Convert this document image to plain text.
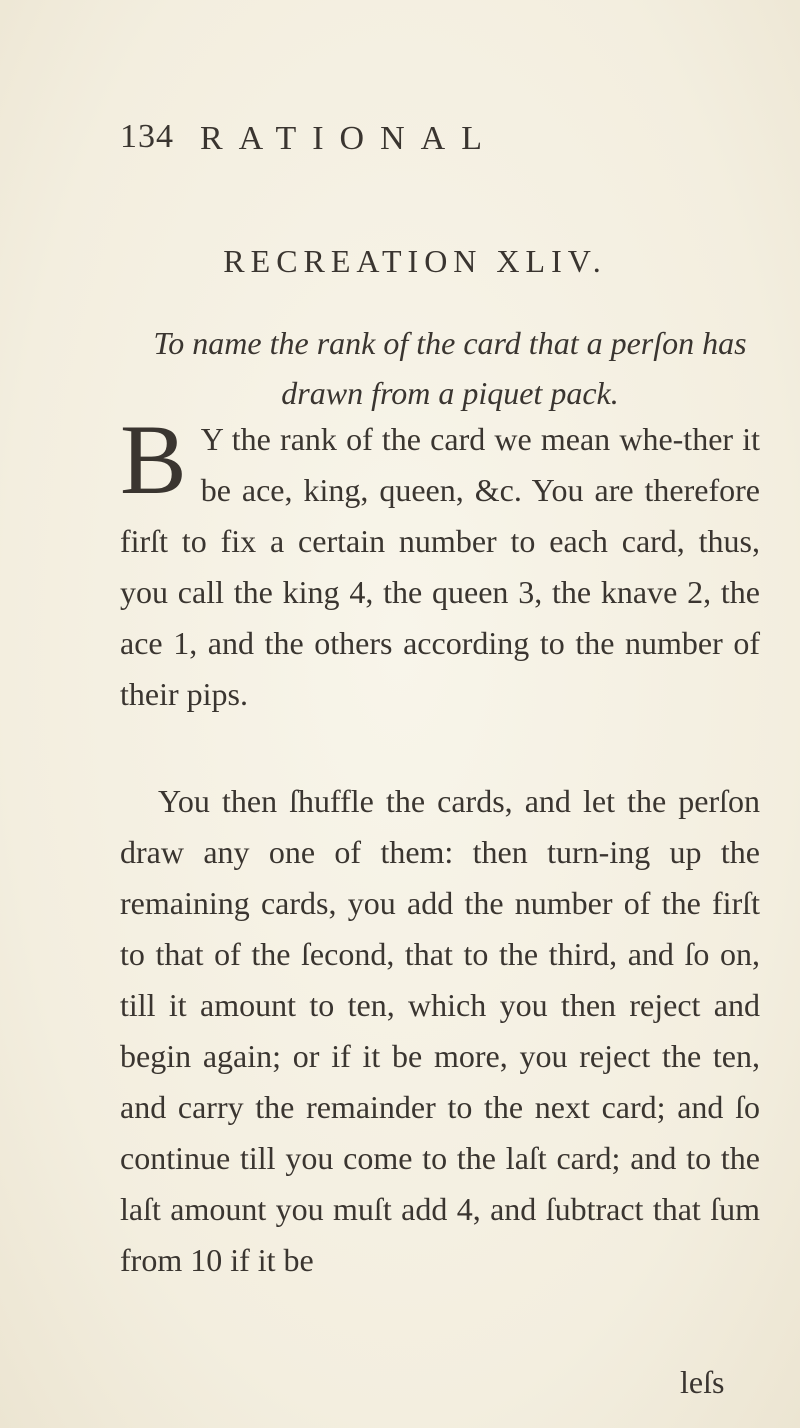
134 RATIONAL
RECREATION XLIV.
To name the rank of the card that a perſon has drawn from a piquet pack.
B Y the rank of the card we mean whe-ther it be ace, king, queen, &c. You are therefore firſt to fix a certain number to each card, thus, you call the king 4, the queen 3, the knave 2, the ace 1, and the others according to the number of their pips.
You then ſhuffle the cards, and let the perſon draw any one of them: then turn-ing up the remaining cards, you add the number of the firſt to that of the ſecond, that to the third, and ſo on, till it amount to ten, which you then reject and begin again; or if it be more, you reject the ten, and carry the remainder to the next card; and ſo continue till you come to the laſt card; and to the laſt amount you muſt add 4, and ſubtract that ſum from 10 if it be
leſs
